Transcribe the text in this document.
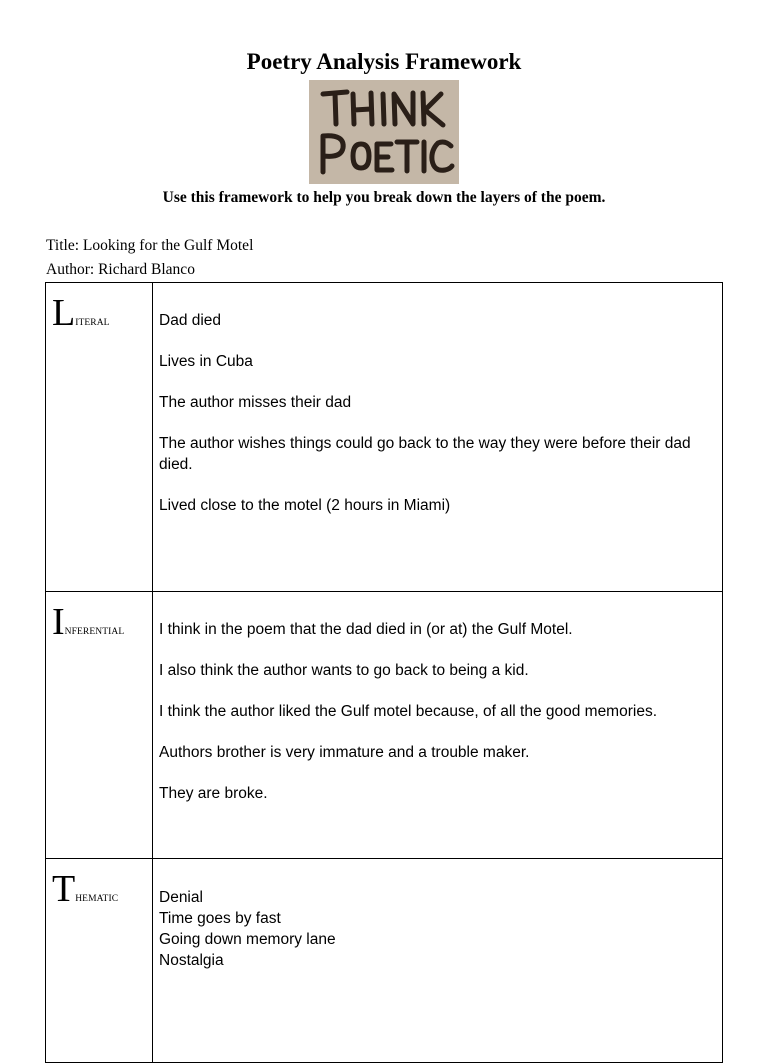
Poetry Analysis Framework
Use this framework to help you break down the layers of the poem.
Title: Looking for the Gulf Motel
Author: Richard Blanco
LITERAL	Dad died

Lives in Cuba

The author misses their dad

The author wishes things could go back to the way they were before their dad died.

Lived close to the motel (2 hours in Miami)

INFERENTIAL	I think in the poem that the dad died in (or at) the Gulf Motel.

I also think the author wants to go back to being a kid.

I think the author liked the Gulf motel because, of all the good memories.

Authors brother is very immature and a trouble maker.

They are broke.

THEMATIC	Denial

Time goes by fast

Going down memory lane

Nostalgia
